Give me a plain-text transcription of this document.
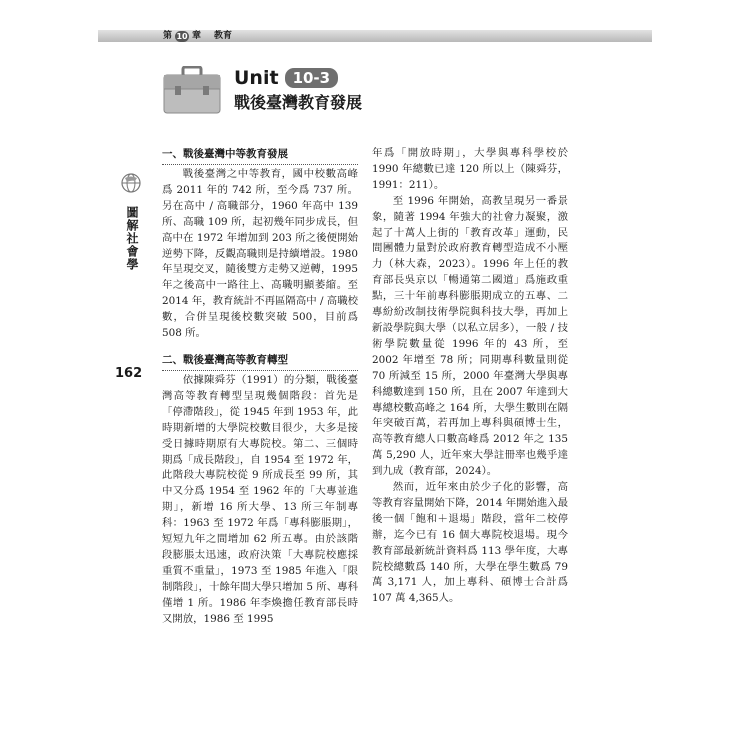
第 10 章 教育
Unit 10-3
戰後臺灣教育發展
圖解社會學
162
一、戰後臺灣中等教育發展

戰後臺灣之中等教育，國中校數高峰爲 2011 年的 742 所，至今爲 737 所。另在高中 / 高職部分，1960 年高中 139 所、高職 109 所，起初幾年同步成長，但高中在 1972 年增加到 203 所之後便開始逆勢下降，反觀高職則是持續增設。1980 年呈現交叉，隨後雙方走勢又逆轉，1995 年之後高中一路往上、高職明顯萎縮。至 2014 年，教育統計不再區隔高中 / 高職校數，合併呈現後校數突破 500，目前爲 508 所。

二、戰後臺灣高等教育轉型

依據陳舜芬（1991）的分類，戰後臺灣高等教育轉型呈現幾個階段：首先是「停滯階段」，從 1945 年到 1953 年，此時期新增的大學院校數目很少，大多是接受日據時期原有大專院校。第二、三個時期爲「成長階段」，自 1954 至 1972 年，此階段大專院校從 9 所成長至 99 所，其中又分爲 1954 至 1962 年的「大專並進期」，新增 16 所大學、13 所三年制專科：1963 至 1972 年爲「專科膨脹期」，短短九年之間增加 62 所五專。由於該階段膨脹太迅速，政府決策「大專院校應採重質不重量」，1973 至 1985 年進入「限制階段」，十餘年間大學只增加 5 所、專科僅增 1 所。1986 年李煥擔任教育部長時又開放，1986 至 1995

年爲「開放時期」，大學與專科學校於 1990 年總數已達 120 所以上（陳舜芬，1991：211）。

至 1996 年開始，高教呈現另一番景象，隨著 1994 年強大的社會力凝聚，激起了十萬人上街的「教育改革」運動，民間團體力量對於政府教育轉型造成不小壓力（林大森，2023）。1996 年上任的教育部長吳京以「暢通第二國道」爲施政重點，三十年前專科膨脹期成立的五專、二專紛紛改制技術學院與科技大學，再加上新設學院與大學（以私立居多），一般 / 技術學院數量從 1996 年的 43 所，至 2002 年增至 78 所；同期專科數量則從 70 所減至 15 所，2000 年臺灣大學與專科總數達到 150 所，且在 2007 年達到大專總校數高峰之 164 所，大學生數則在隔年突破百萬，若再加上專科與碩博士生，高等教育總人口數高峰爲 2012 年之 135 萬 5,290 人，近年來大學註冊率也幾乎達到九成（教育部，2024）。

然而，近年來由於少子化的影響，高等教育容量開始下降，2014 年開始進入最後一個「飽和＋退場」階段，當年二校停辦，迄今已有 16 個大專院校退場。現今教育部最新統計資料爲 113 學年度，大專院校總數爲 140 所，大學在學生數爲 79 萬 3,171 人，加上專科、碩博士合計爲 107 萬 4,365人。
